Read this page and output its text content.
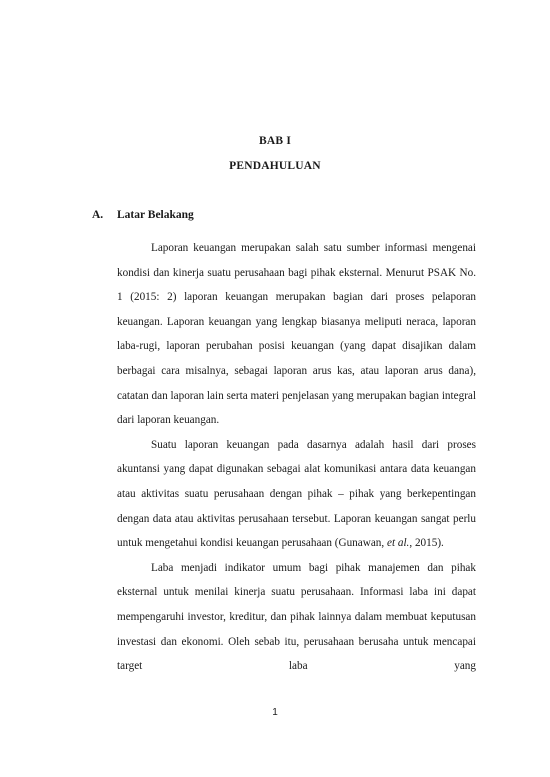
BAB I
PENDAHULUAN
A. Latar Belakang

Laporan keuangan merupakan salah satu sumber informasi mengenai kondisi dan kinerja suatu perusahaan bagi pihak eksternal. Menurut PSAK No. 1 (2015: 2) laporan keuangan merupakan bagian dari proses pelaporan keuangan. Laporan keuangan yang lengkap biasanya meliputi neraca, laporan laba-rugi, laporan perubahan posisi keuangan (yang dapat disajikan dalam berbagai cara misalnya, sebagai laporan arus kas, atau laporan arus dana), catatan dan laporan lain serta materi penjelasan yang merupakan bagian integral dari laporan keuangan.

Suatu laporan keuangan pada dasarnya adalah hasil dari proses akuntansi yang dapat digunakan sebagai alat komunikasi antara data keuangan atau aktivitas suatu perusahaan dengan pihak – pihak yang berkepentingan dengan data atau aktivitas perusahaan tersebut. Laporan keuangan sangat perlu untuk mengetahui kondisi keuangan perusahaan (Gunawan, et al., 2015).

Laba menjadi indikator umum bagi pihak manajemen dan pihak eksternal untuk menilai kinerja suatu perusahaan. Informasi laba ini dapat mempengaruhi investor, kreditur, dan pihak lainnya dalam membuat keputusan investasi dan ekonomi. Oleh sebab itu, perusahaan berusaha untuk mencapai target laba yang

1
